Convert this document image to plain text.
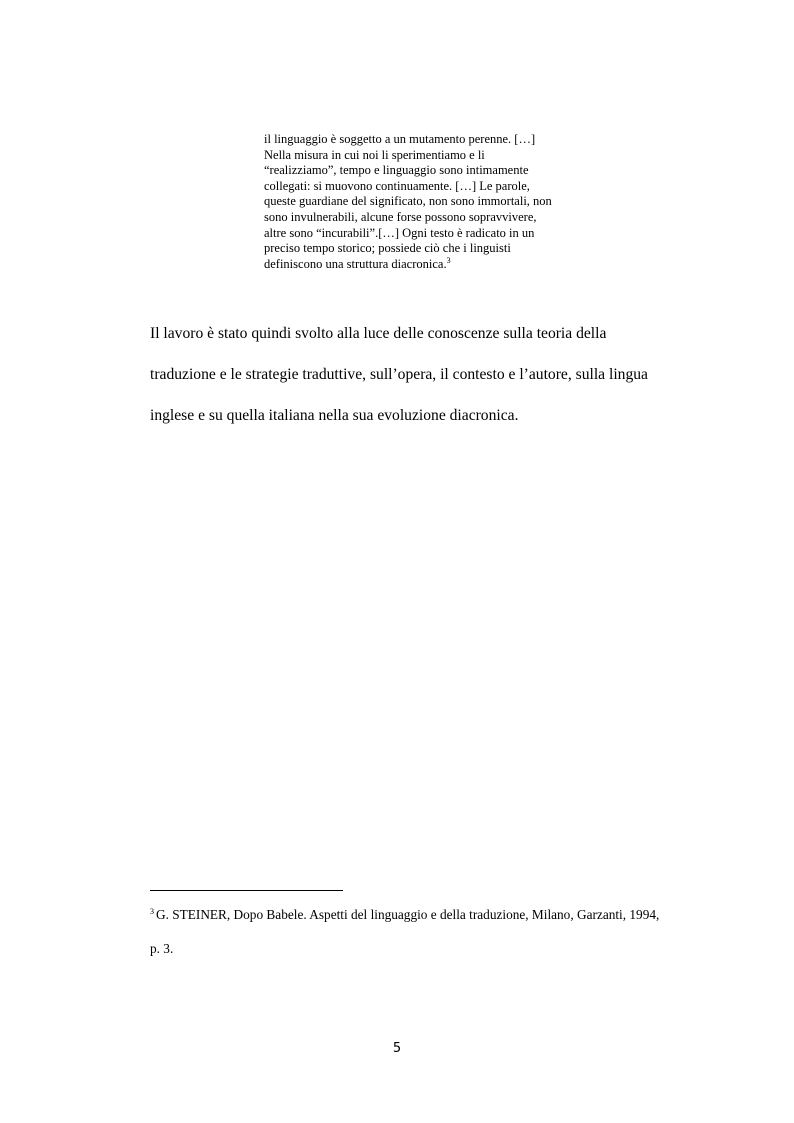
il linguaggio è soggetto a un mutamento perenne. […]
Nella misura in cui noi li sperimentiamo e li
“realizziamo”, tempo e linguaggio sono intimamente
collegati: si muovono continuamente. […] Le parole,
queste guardiane del significato, non sono immortali, non
sono invulnerabili, alcune forse possono sopravvivere,
altre sono “incurabili”.[…] Ogni testo è radicato in un
preciso tempo storico; possiede ciò che i linguisti
definiscono una struttura diacronica.$^3$
Il lavoro è stato quindi svolto alla luce delle conoscenze sulla teoria della
traduzione e le strategie traduttive, sull’opera, il contesto e l’autore, sulla lingua
inglese e su quella italiana nella sua evoluzione diacronica.
$^3$ G. STEINER, Dopo Babele. Aspetti del linguaggio e della traduzione, Milano, Garzanti, 1994,
p. 3.
5
